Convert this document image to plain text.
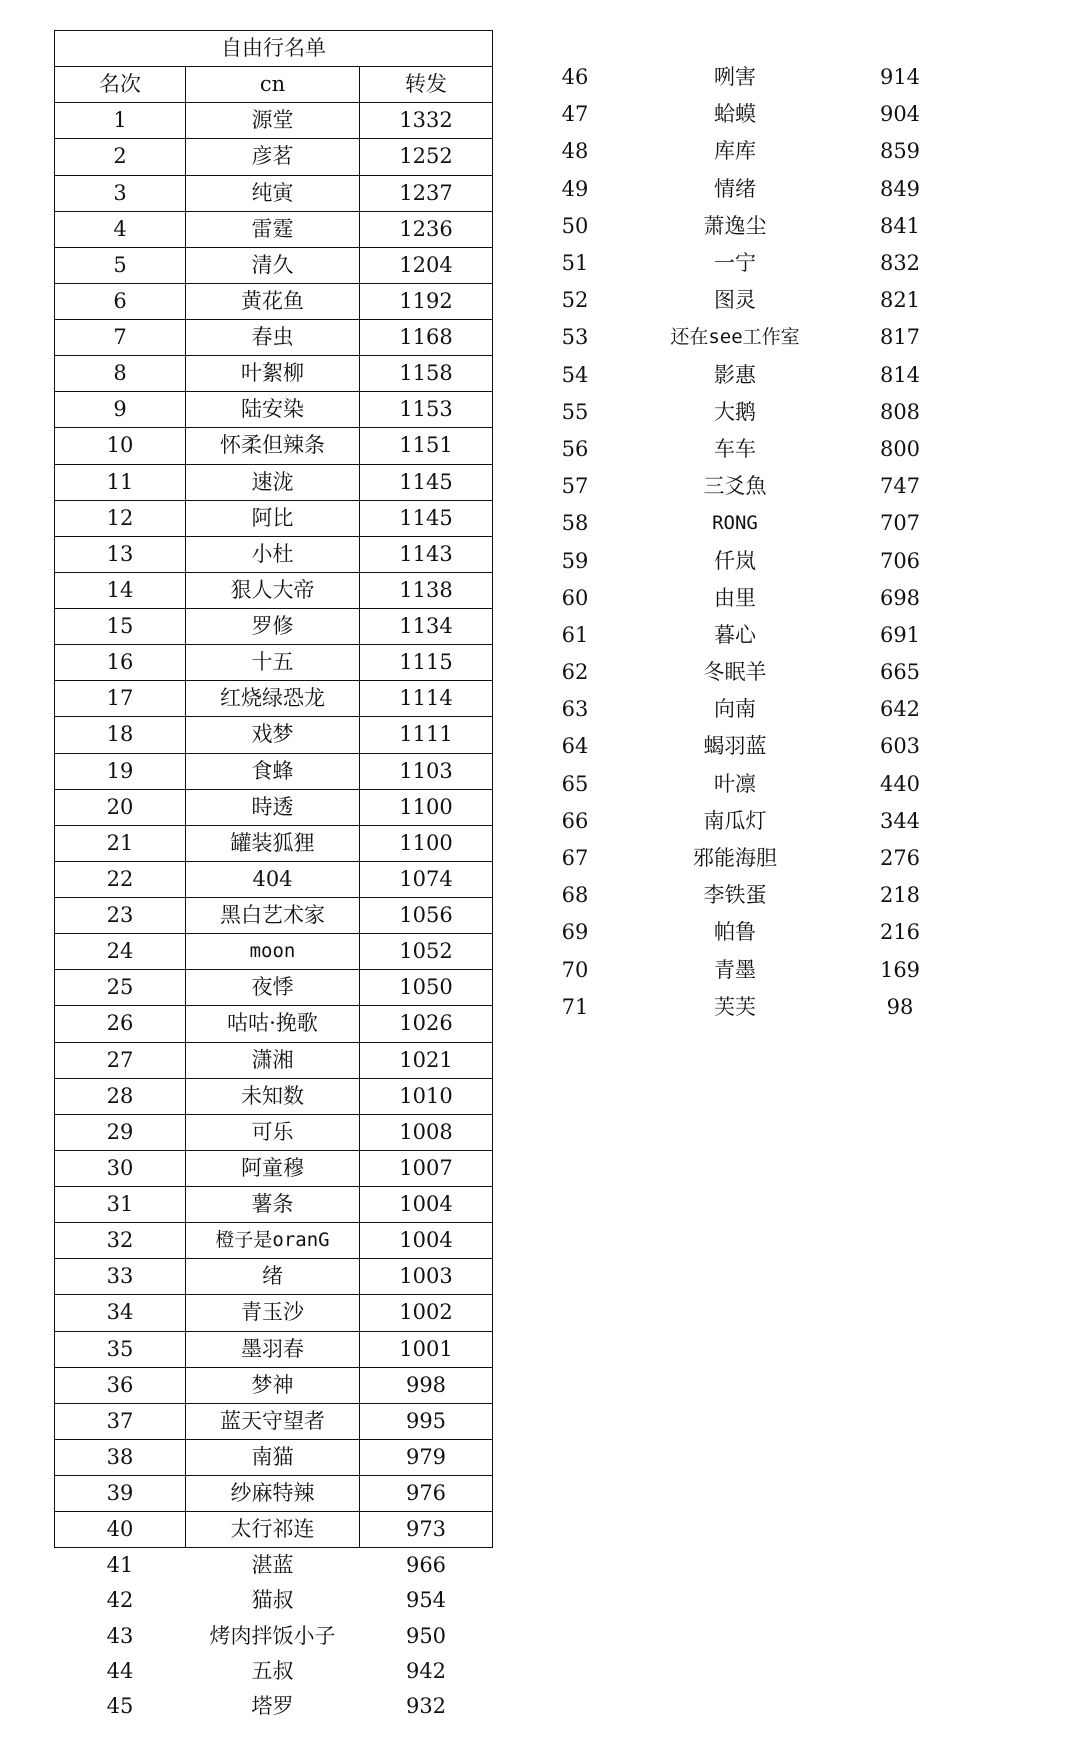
自由行名单		
名次	cn	转发
1	源堂	1332
2	彦茗	1252
3	纯寅	1237
4	雷霆	1236
5	清久	1204
6	黄花鱼	1192
7	春虫	1168
8	叶絮柳	1158
9	陆安染	1153
10	怀柔但辣条	1151
11	速泷	1145
12	阿比	1145
13	小杜	1143
14	狠人大帝	1138
15	罗修	1134
16	十五	1115
17	红烧绿恐龙	1114
18	戏梦	1111
19	食蜂	1103
20	時透	1100
21	罐装狐狸	1100
22	404	1074
23	黑白艺术家	1056
24	moon	1052
25	夜悸	1050
26	咕咕·挽歌	1026
27	潇湘	1021
28	未知数	1010
29	可乐	1008
30	阿童穆	1007
31	薯条	1004
32	橙子是oranG	1004
33	绪	1003
34	青玉沙	1002
35	墨羽春	1001
36	梦神	998
37	蓝天守望者	995
38	南猫	979
39	纱麻特辣	976
40	太行祁连	973
41	湛蓝	966
42	猫叔	954
43	烤肉拌饭小子	950
44	五叔	942
45	塔罗	932
46	咧害	914
47	蛤蟆	904
48	库库	859
49	情绪	849
50	萧逸尘	841
51	一宁	832
52	图灵	821
53	还在see工作室	817
54	影惠	814
55	大鹅	808
56	车车	800
57	三爻魚	747
58	RONG	707
59	仟岚	706
60	由里	698
61	暮心	691
62	冬眠羊	665
63	向南	642
64	蝎羽蓝	603
65	叶凛	440
66	南瓜灯	344
67	邪能海胆	276
68	李铁蛋	218
69	帕鲁	216
70	青墨	169
71	芙芙	98
